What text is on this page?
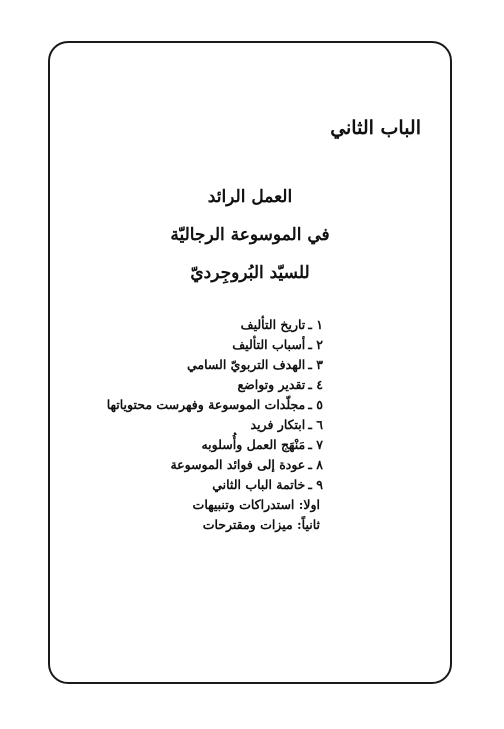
الباب الثاني
العمل الرائد
في الموسوعة الرجاليّة
للسيّد البُروجِرديّ
١ ـتاريخ التأليف
٢ ـأسباب التأليف
٣ ـالهدف التربويّ السامي
٤ ـتقدير وتواضع
٥ ـمجلّدات الموسوعة وفهرست محتوياتها
٦ ـابتكار فريد
٧ ـمَنْهَج العمل وأُسلوبه
٨ ـعودة إلى فوائد الموسوعة
٩ ـخاتمة الباب الثاني
اولا: استدراكات وتنبيهات
ثانياً: ميزات ومقترحات
